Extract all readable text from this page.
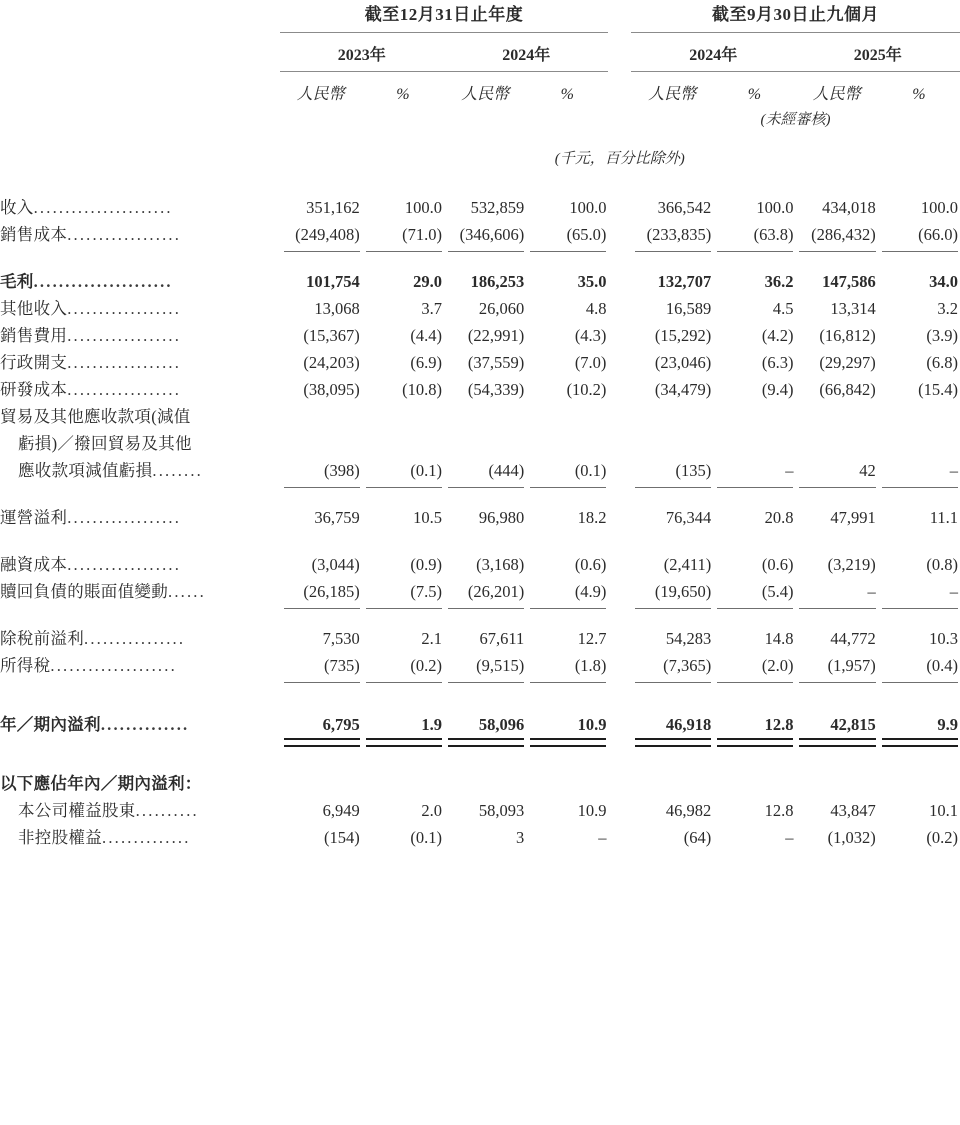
	截至12月31日止年度					截至9月30日止九個月			

	2023年		2024年			2024年		2025年	

	人民幣	%	人民幣	%		人民幣	%	人民幣	%
						(未經審核)			
	(千元，百分比除外)								

收入......................	351,162	100.0	532,859	100.0		366,542	100.0	434,018	100.0
銷售成本..................	(249,408)	(71.0)	(346,606)	(65.0)		(233,835)	(63.8)	(286,432)	(66.0)

毛利......................	101,754	29.0	186,253	35.0		132,707	36.2	147,586	34.0
其他收入..................	13,068	3.7	26,060	4.8		16,589	4.5	13,314	3.2
銷售費用..................	(15,367)	(4.4)	(22,991)	(4.3)		(15,292)	(4.2)	(16,812)	(3.9)
行政開支..................	(24,203)	(6.9)	(37,559)	(7.0)		(23,046)	(6.3)	(29,297)	(6.8)
研發成本..................	(38,095)	(10.8)	(54,339)	(10.2)		(34,479)	(9.4)	(66,842)	(15.4)
貿易及其他應收款項(減值									
虧損)／撥回貿易及其他									
應收款項減值虧損........	(398)	(0.1)	(444)	(0.1)		(135)	–	42	–

運營溢利..................	36,759	10.5	96,980	18.2		76,344	20.8	47,991	11.1

融資成本..................	(3,044)	(0.9)	(3,168)	(0.6)		(2,411)	(0.6)	(3,219)	(0.8)
贖回負債的賬面值變動......	(26,185)	(7.5)	(26,201)	(4.9)		(19,650)	(5.4)	–	–

除稅前溢利................	7,530	2.1	67,611	12.7		54,283	14.8	44,772	10.3
所得稅....................	(735)	(0.2)	(9,515)	(1.8)		(7,365)	(2.0)	(1,957)	(0.4)

年／期內溢利..............	6,795	1.9	58,096	10.9		46,918	12.8	42,815	9.9

以下應佔年內／期內溢利：									
本公司權益股東..........	6,949	2.0	58,093	10.9		46,982	12.8	43,847	10.1
非控股權益..............	(154)	(0.1)	3	–		(64)	–	(1,032)	(0.2)
